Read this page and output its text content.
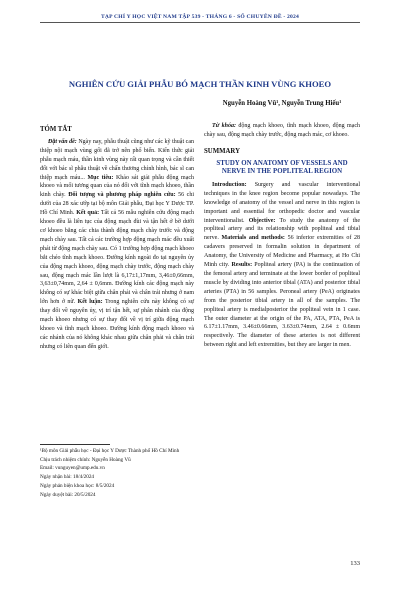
TẠP CHÍ Y HỌC VIỆT NAM TẬP 539 - THÁNG 6 - SỐ CHUYÊN ĐỀ - 2024
NGHIÊN CỨU GIẢI PHẪU BÓ MẠCH THẦN KINH VÙNG KHOEO
Nguyễn Hoàng Vũ¹, Nguyễn Trung Hiếu¹
TÓM TẮT

Đặt vấn đề: Ngày nay, phẫu thuật cũng như các kỹ thuật can thiệp nội mạch vùng gối đã trở nên phổ biến. Kiến thức giải phẫu mạch máu, thần kinh vùng này rất quan trọng và cần thiết đối với bác sĩ phẫu thuật về chấn thương chỉnh hình, bác sĩ can thiệp mạch máu... Mục tiêu: Khảo sát giải phẫu động mạch khoeo và mối tương quan của nó đối với tĩnh mạch khoeo, thần kinh chày. Đối tượng và phương pháp nghiên cứu: 56 chi dưới của 28 xác ướp tại bộ môn Giải phẫu, Đại học Y Dược TP. Hồ Chí Minh. Kết quả: Tất cả 56 mẫu nghiên cứu động mạch khoeo đều là liên tục của động mạch đùi và tận hết ở bờ dưới cơ khoeo bằng các chia thành động mạch chày trước và động mạch chày sau. Tất cả các trường hợp động mạch mác đều xuất phát từ động mạch chày sau. Có 1 trường hợp động mạch khoeo bắt chéo tĩnh mạch khoeo. Đường kính ngoài đo tại nguyên ủy của động mạch khoeo, động mạch chày trước, động mạch chày sau, động mạch mác lần lượt là 6,17±1,17mm, 3,46±0,66mm, 3,63±0,74mm, 2,64 ± 0,6mm. Đường kính các động mạch này không có sự khác biệt giữa chân phải và chân trái nhưng ở nam lớn hơn ở nữ. Kết luận: Trong nghiên cứu này không có sự thay đổi về nguyên ủy, vị trí tận hết, sự phân nhánh của động mạch khoeo nhưng có sự thay đổi về vị trí giữa động mạch khoeo và tĩnh mạch khoeo. Đường kính động mạch khoeo và các nhánh của nó không khác nhau giữa chân phải và chân trái nhưng có liên quan đến giới.

¹Bộ môn Giải phẫu học - Đại học Y Dược Thành phố Hồ Chí Minh

Chịu trách nhiệm chính: Nguyễn Hoàng Vũ

Email: vunguyen@ump.edu.vn

Ngày nhận bài: 18/4/2024

Ngày phản biện khoa học: 8/5/2024

Ngày duyệt bài: 20/5/2024

Từ khóa: động mạch khoeo, tĩnh mạch khoeo, động mạch chày sau, động mạch chày trước, động mạch mác, cơ khoeo.

SUMMARY
STUDY ON ANATOMY OF VESSELS AND NERVE IN THE POPLITEAL REGION

Introduction: Surgery and vascular interventional techniques in the knee region become popular nowadays. The knowledge of anatomy of the vessel and nerve in this region is important and essential for orthopedic doctor and vascular interventionalist. Objective: To study the anatomy of the popliteal artery and its relationship with popliteal and tibial nerve. Materials and methods: 56 inferior extremities of 28 cadavers preserved in formalin solution in department of Anatomy, the University of Medicine and Pharmacy, at Ho Chi Minh city. Results: Popliteal artery (PA) is the continuation of the femoral artery and terminate at the lower border of popliteal muscle by dividing into anterior tibial (ATA) and posterior tibial arteries (PTA) in 56 samples. Peroneal artery (PeA) originates from the posterior tibial artery in all of the samples. The popliteal artery is medialposterior the popliteal vein in 1 case. The outer diameter at the origin of the PA, ATA, PTA, PeA is 6.17±1.17mm, 3.46±0.66mm, 3.63±0.74mm, 2.64 ± 0.6mm respectively. The diameter of these arteries is not different between right and left extremities, but they are larger in men.

133
